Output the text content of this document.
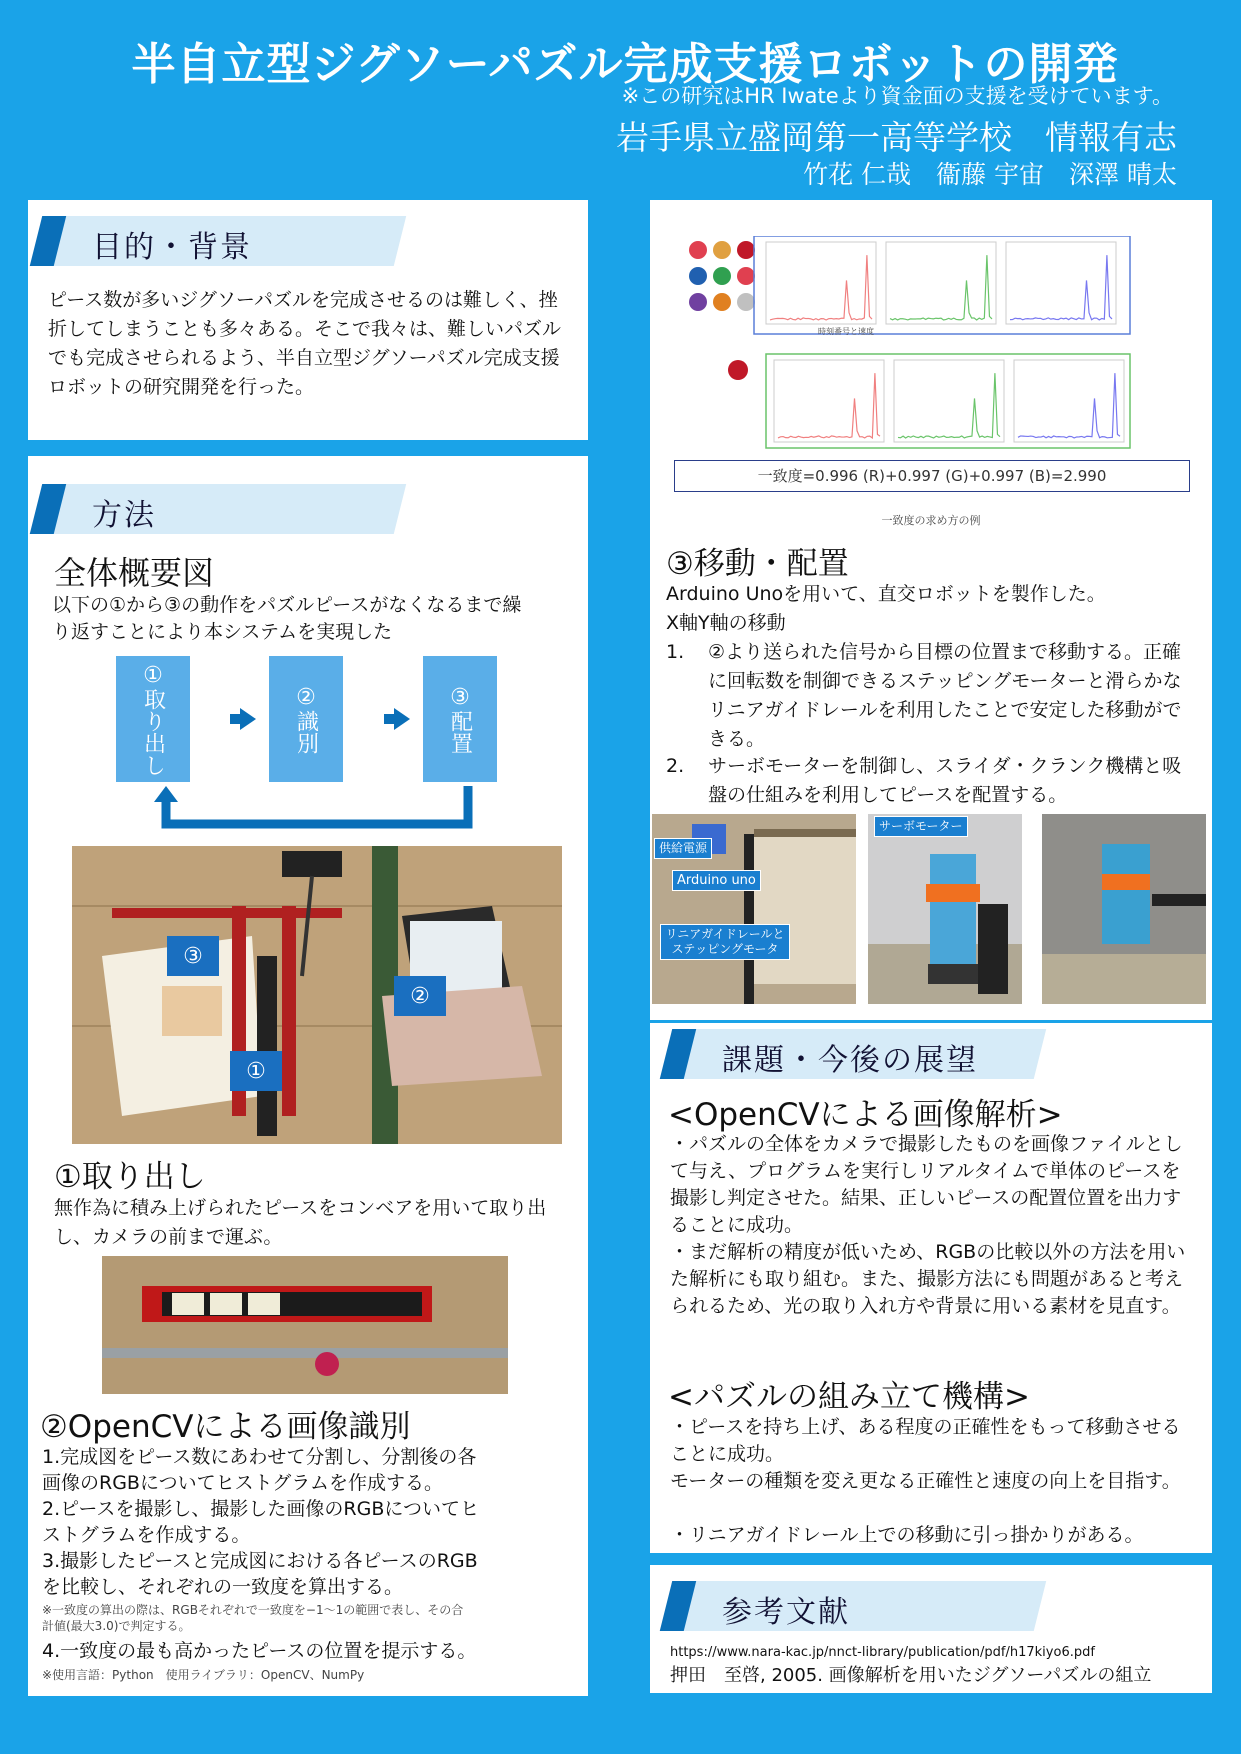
半自立型ジグソーパズル完成支援ロボットの開発
※この研究はHR Iwateより資金面の支援を受けています。
岩手県立盛岡第一高等学校　情報有志
竹花 仁哉　衞藤 宇宙　深澤 晴太
目的・背景
ピース数が多いジグソーパズルを完成させるのは難しく、挫折してしまうことも多々ある。そこで我々は、難しいパズルでも完成させられるよう、半自立型ジグソーパズル完成支援ロボットの研究開発を行った。
方法
全体概要図
以下の①から③の動作をパズルピースがなくなるまで繰り返すことにより本システムを実現した
①取り出し	②識別	③配置
③
②
①
①取り出し
無作為に積み上げられたピースをコンベアを用いて取り出し、カメラの前まで運ぶ。
②OpenCVによる画像識別
1.完成図をピース数にあわせて分割し、分割後の各画像のRGBについてヒストグラムを作成する。
2.ピースを撮影し、撮影した画像のRGBについてヒストグラムを作成する。
3.撮影したピースと完成図における各ピースのRGBを比較し、それぞれの一致度を算出する。
※一致度の算出の際は、RGBそれぞれで一致度を−1〜1の範囲で表し、その合計値(最大3.0)で判定する。
4.一致度の最も高かったピースの位置を提示する。
※使用言語：Python　使用ライブラリ：OpenCV、NumPy
時刻番号と速度
一致度=0.996 (R)+0.997 (G)+0.997 (B)=2.990
一致度の求め方の例
③移動・配置
Arduino Unoを用いて、直交ロボットを製作した。
X軸Y軸の移動
1. ②より送られた信号から目標の位置まで移動する。正確に回転数を制御できるステッピングモーターと滑らかなリニアガイドレールを利用したことで安定した移動ができる。
2. サーボモーターを制御し、スライダ・クランク機構と吸盤の仕組みを利用してピースを配置する。
供給電源
Arduino uno
リニアガイドレールとステッピングモータ
サーボモーター
課題・今後の展望
<OpenCVによる画像解析>
・パズルの全体をカメラで撮影したものを画像ファイルとして与え、プログラムを実行しリアルタイムで単体のピースを撮影し判定させた。結果、正しいピースの配置位置を出力することに成功。
・まだ解析の精度が低いため、RGBの比較以外の方法を用いた解析にも取り組む。また、撮影方法にも問題があると考えられるため、光の取り入れ方や背景に用いる素材を見直す。
<パズルの組み立て機構>
・ピースを持ち上げ、ある程度の正確性をもって移動させることに成功。
モーターの種類を変え更なる正確性と速度の向上を目指す。
・リニアガイドレール上での移動に引っ掛かりがある。
参考文献
https://www.nara-kac.jp/nnct-library/publication/pdf/h17kiyo6.pdf
押田　至啓, 2005. 画像解析を用いたジグソーパズルの組立
